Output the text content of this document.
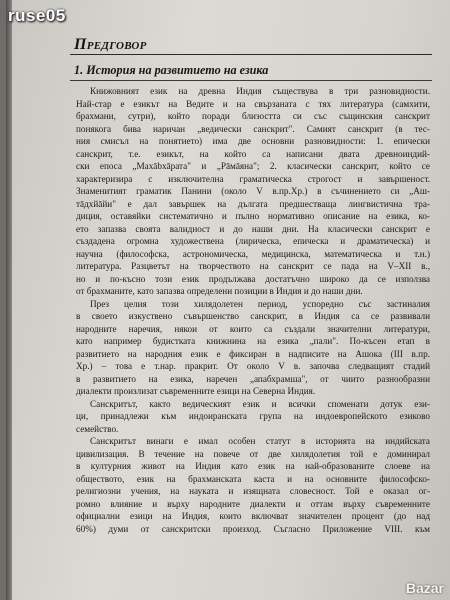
Предговор
1. История на развитието на езика
Книжовният език на древна Индия съществува в три разновидности.
Най-стар е езикът на Ведите и на свързаната с тях литература (самхити,
брахмани, сутри), който поради близостта си със същинския санскрит
понякога бива наричан „ведически санскрит". Самият санскрит (в тес-
ния смисъл на понятието) има две основни разновидности: 1. епически
санскрит, т.е. езикът, на който са написани двата древноиндий-
ски епоса „Махābхāрата" и „Рāмāяна"; 2. класически санскрит, който се
характеризира с изключителна граматическа строгост и завършеност.
Знаменитият граматик Панини (около V в.пр.Хр.) в съчинението си „Аш-
тāдхйāйи" е дал завършек на дългата предшестваща лингвистична тра-
диция, оставяйки систематично и пълно нормативно описание на езика, ко-
ето запазва своята валидност и до наши дни. На класически санскрит е
създадена огромна художествена (лирическа, епическа и драматическа) и
научна (философска, астрономическа, медицинска, математическа и т.н.)
литература. Разцветът на творчеството на санскрит се пада на V–XII в.,
но и по-късно този език продължава достатъчно широко да се използва
от брахманите, като запазва определени позиции в Индия и до наши дни.
През целия този хилядолетен период, успоредно със застиналия
в своето изкуствено съвършенство санскрит, в Индия са се развивали
народните наречия, някои от които са създали значителни литератури,
като например будистката книжнина на езика „пали". По-късен етап в
развитието на народния език е фиксиран в надписите на Ашока (III в.пр.
Хр.) – това е т.нар. пракрит. От около V в. започва следващият стадий
в развитието на езика, наречен „апабхрамша", от чиито разнообразни
диалекти произлизат съвременните езици на Северна Индия.
Санскритът, както ведическият език и всички споменати дотук ези-
ци, принадлежи към индоиранската група на индоевропейското езиково
семейство.
Санскритът винаги е имал особен статут в историята на индийската
цивилизация. В течение на повече от две хилядолетия той е доминирал
в културния живот на Индия като език на най-образованите слоеве на
обществото, език на брахманската каста и на основните философско-
религиозни учения, на науката и изящната словесност. Той е оказал ог-
ромно влияние и върху народните диалекти и оттам върху съвременните
официални езици на Индия, които включват значителен процент (до над
60%) думи от санскритски произход. Съгласно Приложение VIII. към
ruse05
Bazar
